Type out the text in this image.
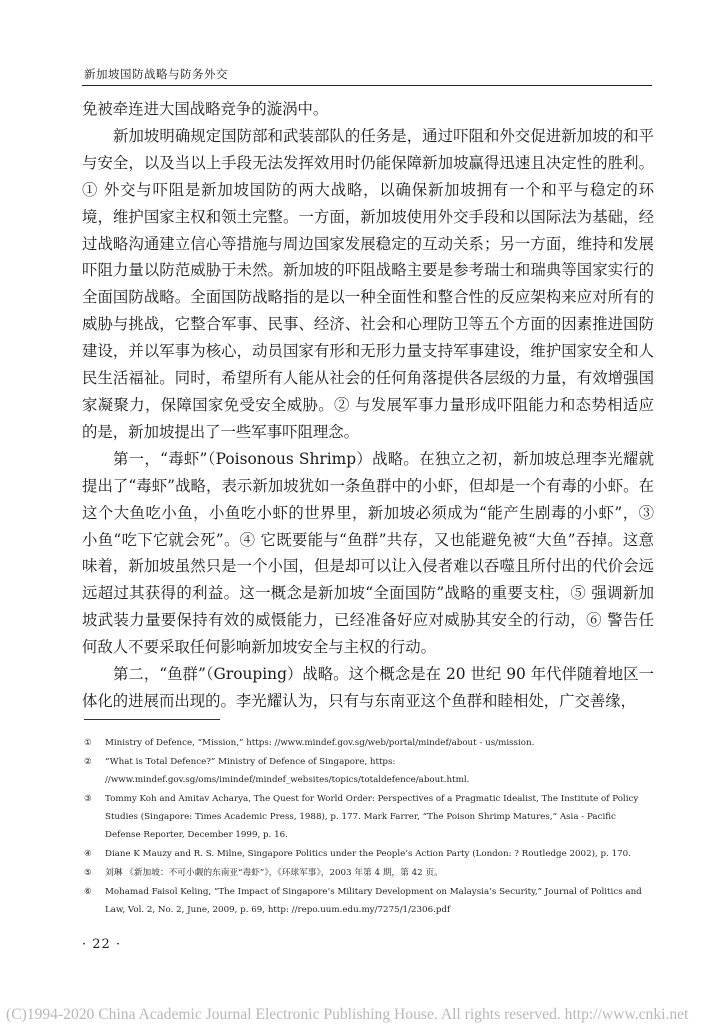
新加坡国防战略与防务外交

免被牵连进大国战略竞争的漩涡中。

新加坡明确规定国防部和武装部队的任务是，通过吓阻和外交促进新加坡的和平与安全，以及当以上手段无法发挥效用时仍能保障新加坡赢得迅速且决定性的胜利。① 外交与吓阻是新加坡国防的两大战略，以确保新加坡拥有一个和平与稳定的环境，维护国家主权和领土完整。一方面，新加坡使用外交手段和以国际法为基础，经过战略沟通建立信心等措施与周边国家发展稳定的互动关系；另一方面，维持和发展吓阻力量以防范威胁于未然。新加坡的吓阻战略主要是参考瑞士和瑞典等国家实行的全面国防战略。全面国防战略指的是以一种全面性和整合性的反应架构来应对所有的威胁与挑战，它整合军事、民事、经济、社会和心理防卫等五个方面的因素推进国防建设，并以军事为核心，动员国家有形和无形力量支持军事建设，维护国家安全和人民生活福祉。同时，希望所有人能从社会的任何角落提供各层级的力量，有效增强国家凝聚力，保障国家免受安全威胁。② 与发展军事力量形成吓阻能力和态势相适应的是，新加坡提出了一些军事吓阻理念。

第一，“毒虾”（Poisonous Shrimp）战略。在独立之初，新加坡总理李光耀就提出了“毒虾”战略，表示新加坡犹如一条鱼群中的小虾，但却是一个有毒的小虾。在这个大鱼吃小鱼，小鱼吃小虾的世界里，新加坡必须成为“能产生剧毒的小虾”，③ 小鱼“吃下它就会死”。④ 它既要能与“鱼群”共存，又也能避免被“大鱼”吞掉。这意味着，新加坡虽然只是一个小国，但是却可以让入侵者难以吞噬且所付出的代价会远远超过其获得的利益。这一概念是新加坡“全面国防”战略的重要支柱，⑤ 强调新加坡武装力量要保持有效的威慑能力，已经准备好应对威胁其安全的行动，⑥ 警告任何敌人不要采取任何影响新加坡安全与主权的行动。

第二，“鱼群”（Grouping）战略。这个概念是在 20 世纪 90 年代伴随着地区一体化的进展而出现的。李光耀认为，只有与东南亚这个鱼群和睦相处，广交善缘，

① Ministry of Defence, “Mission,” https: //www.mindef.gov.sg/web/portal/mindef/about - us/mission.
② “What is Total Defence?” Ministry of Defence of Singapore, https: //www.mindef.gov.sg/oms/imindef/mindef_websites/topics/totaldefence/about.html.
③ Tommy Koh and Amitav Acharya, The Quest for World Order: Perspectives of a Pragmatic Idealist, The Institute of Policy Studies (Singapore: Times Academic Press, 1988), p. 177. Mark Farrer, “The Poison Shrimp Matures,” Asia - Pacific Defense Reporter, December 1999, p. 16.
④ Diane K Mauzy and R. S. Milne, Singapore Politics under the People’s Action Party (London: ? Routledge 2002), p. 170.
⑤ 刘琳 《新加坡：不可小觑的东南亚“毒虾”》，《环球军事》，2003 年第 4 期，第 42 页。
⑥ Mohamad Faisol Keling, “The Impact of Singapore’s Military Development on Malaysia’s Security,” Journal of Politics and Law, Vol. 2, No. 2, June, 2009, p. 69, http: //repo.uum.edu.my/7275/1/2306.pdf
· 22 ·
(C)1994-2020 China Academic Journal Electronic Publishing House. All rights reserved. http://www.cnki.net
